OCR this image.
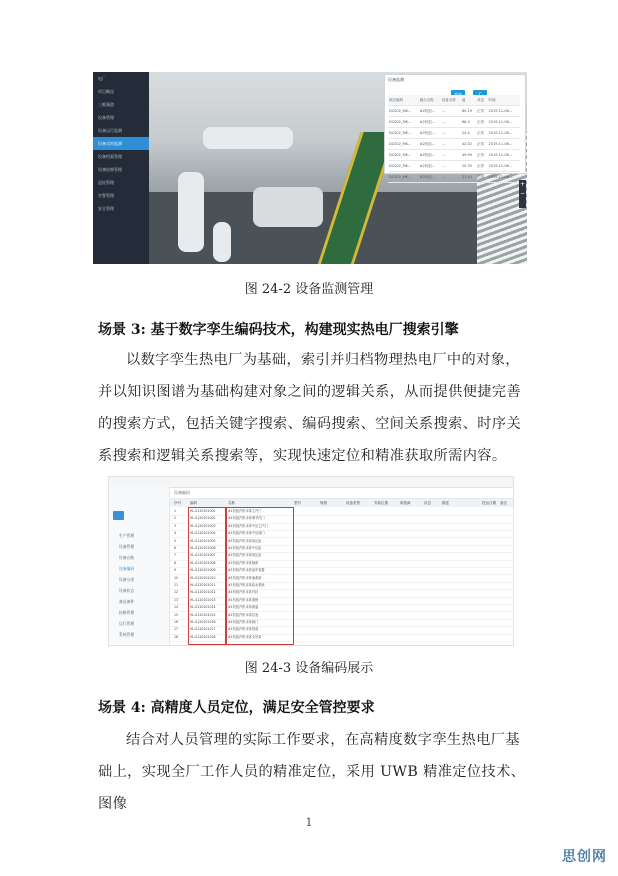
电厂
项目概况
三维漫游
设备管理
设备运行监测
设备实时监测
设备档案管理
设备检修管理
巡检管理
告警管理
安全管理
设备监测

测点编码	测点名称	设备名称	值	状态	时间
DCS02_MK...	#2机组...	...	60.19	正常	2019-11-06...
DCS02_MK...	#2机组...	...	68.4	正常	2019-11-06...
DCS02_MK...	#2机组...	...	24.4	正常	2019-11-06...
DCS02_MK...	#2机组...	...	42.02	正常	2019-11-06...
DCS02_MK...	#2机组...	...	49.99	正常	2019-11-06...
DCS02_MK...	#2机组...	...	20.35	正常	2019-11-06...
DCS02_MK...	#2机组...	...	21.43	正常	2019-11-06...
+
−
图 24-2 设备监测管理
场景 3: 基于数字孪生编码技术，构建现实热电厂搜索引擎
以数字孪生热电厂为基础，索引并归档物理热电厂中的对象，并以知识图谱为基础构建对象之间的逻辑关系，从而提供便捷完善的搜索方式，包括关键字搜索、编码搜索、空间关系搜索、时序关系搜索和逻辑关系搜索等，实现快速定位和精准获取所需内容。
生产管理
设备管理
设备台账
设备编码
设备分类
设备状态
备品备件
检修管理
运行管理
系统管理
设备编码
序号	编码	名称	型号	规格	设备类型	安装位置	制造商	状态	描述	投运日期 备注
1	HL-0120101001	#1机组汽机本体主汽门
2	HL-0120101002	#1机组汽机本体调节汽门
3	HL-0120101003	#1机组汽机本体中压主汽门
4	HL-0120101004	#1机组汽机本体中压调门
5	HL-0120101005	#1机组汽机本体高压缸
6	HL-0120101006	#1机组汽机本体中压缸
7	HL-0120101007	#1机组汽机本体低压缸
8	HL-0120101008	#1机组汽机本体轴承
9	HL-0120101009	#1机组汽机本体盘车装置
10	HL-0120101010	#1机组汽机本体油系统
11	HL-0120101011	#1机组汽机本体疏水系统
12	HL-0120101012	#1机组汽机本体汽封
13	HL-0120101013	#1机组汽机本体滑销
14	HL-0120101014	#1机组汽机本体保温
15	HL-0120101015	#1机组汽机本体仪表
16	HL-0120101016	#1机组汽机本体阀门
17	HL-0120101017	#1机组汽机本体管道
18	HL-0120101018	#1机组汽机本体支吊架
图 24-3 设备编码展示
场景 4: 高精度人员定位，满足安全管控要求
结合对人员管理的实际工作要求，在高精度数字孪生热电厂基础上，实现全厂工作人员的精准定位，采用 UWB 精准定位技术、图像
1
思创网
